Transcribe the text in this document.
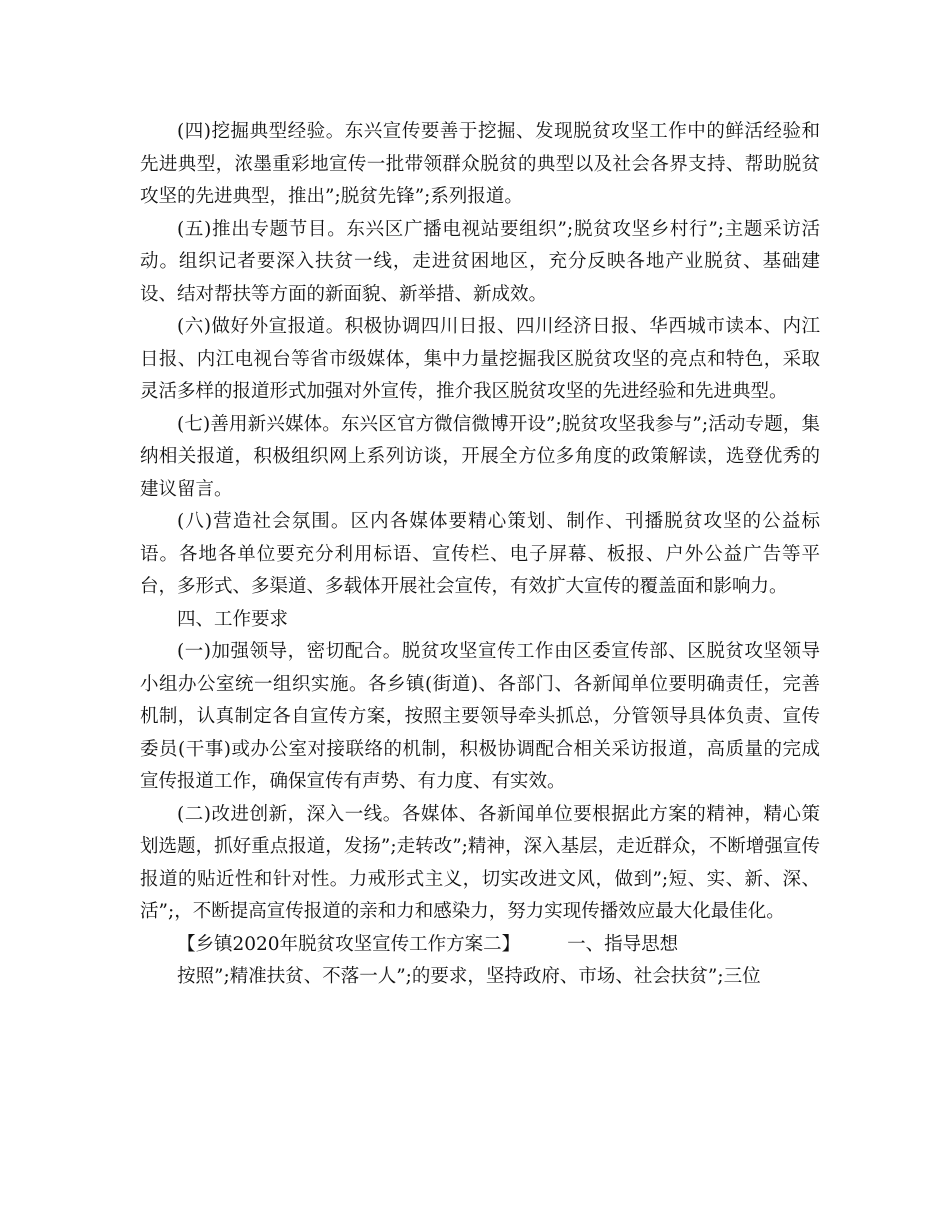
(四)挖掘典型经验。东兴宣传要善于挖掘、发现脱贫攻坚工作中的鲜活经验和先进典型，浓墨重彩地宣传一批带领群众脱贫的典型以及社会各界支持、帮助脱贫攻坚的先进典型，推出”;脱贫先锋”;系列报道。

(五)推出专题节目。东兴区广播电视站要组织”;脱贫攻坚乡村行”;主题采访活动。组织记者要深入扶贫一线，走进贫困地区，充分反映各地产业脱贫、基础建设、结对帮扶等方面的新面貌、新举措、新成效。

(六)做好外宣报道。积极协调四川日报、四川经济日报、华西城市读本、内江日报、内江电视台等省市级媒体，集中力量挖掘我区脱贫攻坚的亮点和特色，采取灵活多样的报道形式加强对外宣传，推介我区脱贫攻坚的先进经验和先进典型。

(七)善用新兴媒体。东兴区官方微信微博开设”;脱贫攻坚我参与”;活动专题，集纳相关报道，积极组织网上系列访谈，开展全方位多角度的政策解读，选登优秀的建议留言。

(八)营造社会氛围。区内各媒体要精心策划、制作、刊播脱贫攻坚的公益标语。各地各单位要充分利用标语、宣传栏、电子屏幕、板报、户外公益广告等平台，多形式、多渠道、多载体开展社会宣传，有效扩大宣传的覆盖面和影响力。

四、工作要求

(一)加强领导，密切配合。脱贫攻坚宣传工作由区委宣传部、区脱贫攻坚领导小组办公室统一组织实施。各乡镇(街道)、各部门、各新闻单位要明确责任，完善机制，认真制定各自宣传方案，按照主要领导牵头抓总，分管领导具体负责、宣传委员(干事)或办公室对接联络的机制，积极协调配合相关采访报道，高质量的完成宣传报道工作，确保宣传有声势、有力度、有实效。

(二)改进创新，深入一线。各媒体、各新闻单位要根据此方案的精神，精心策划选题，抓好重点报道，发扬”;走转改”;精神，深入基层，走近群众，不断增强宣传报道的贴近性和针对性。力戒形式主义，切实改进文风，做到”;短、实、新、深、活”;，不断提高宣传报道的亲和力和感染力，努力实现传播效应最大化最佳化。

【乡镇2020年脱贫攻坚宣传工作方案二】	一、指导思想

按照”;精准扶贫、不落一人”;的要求，坚持政府、市场、社会扶贫”;三位
